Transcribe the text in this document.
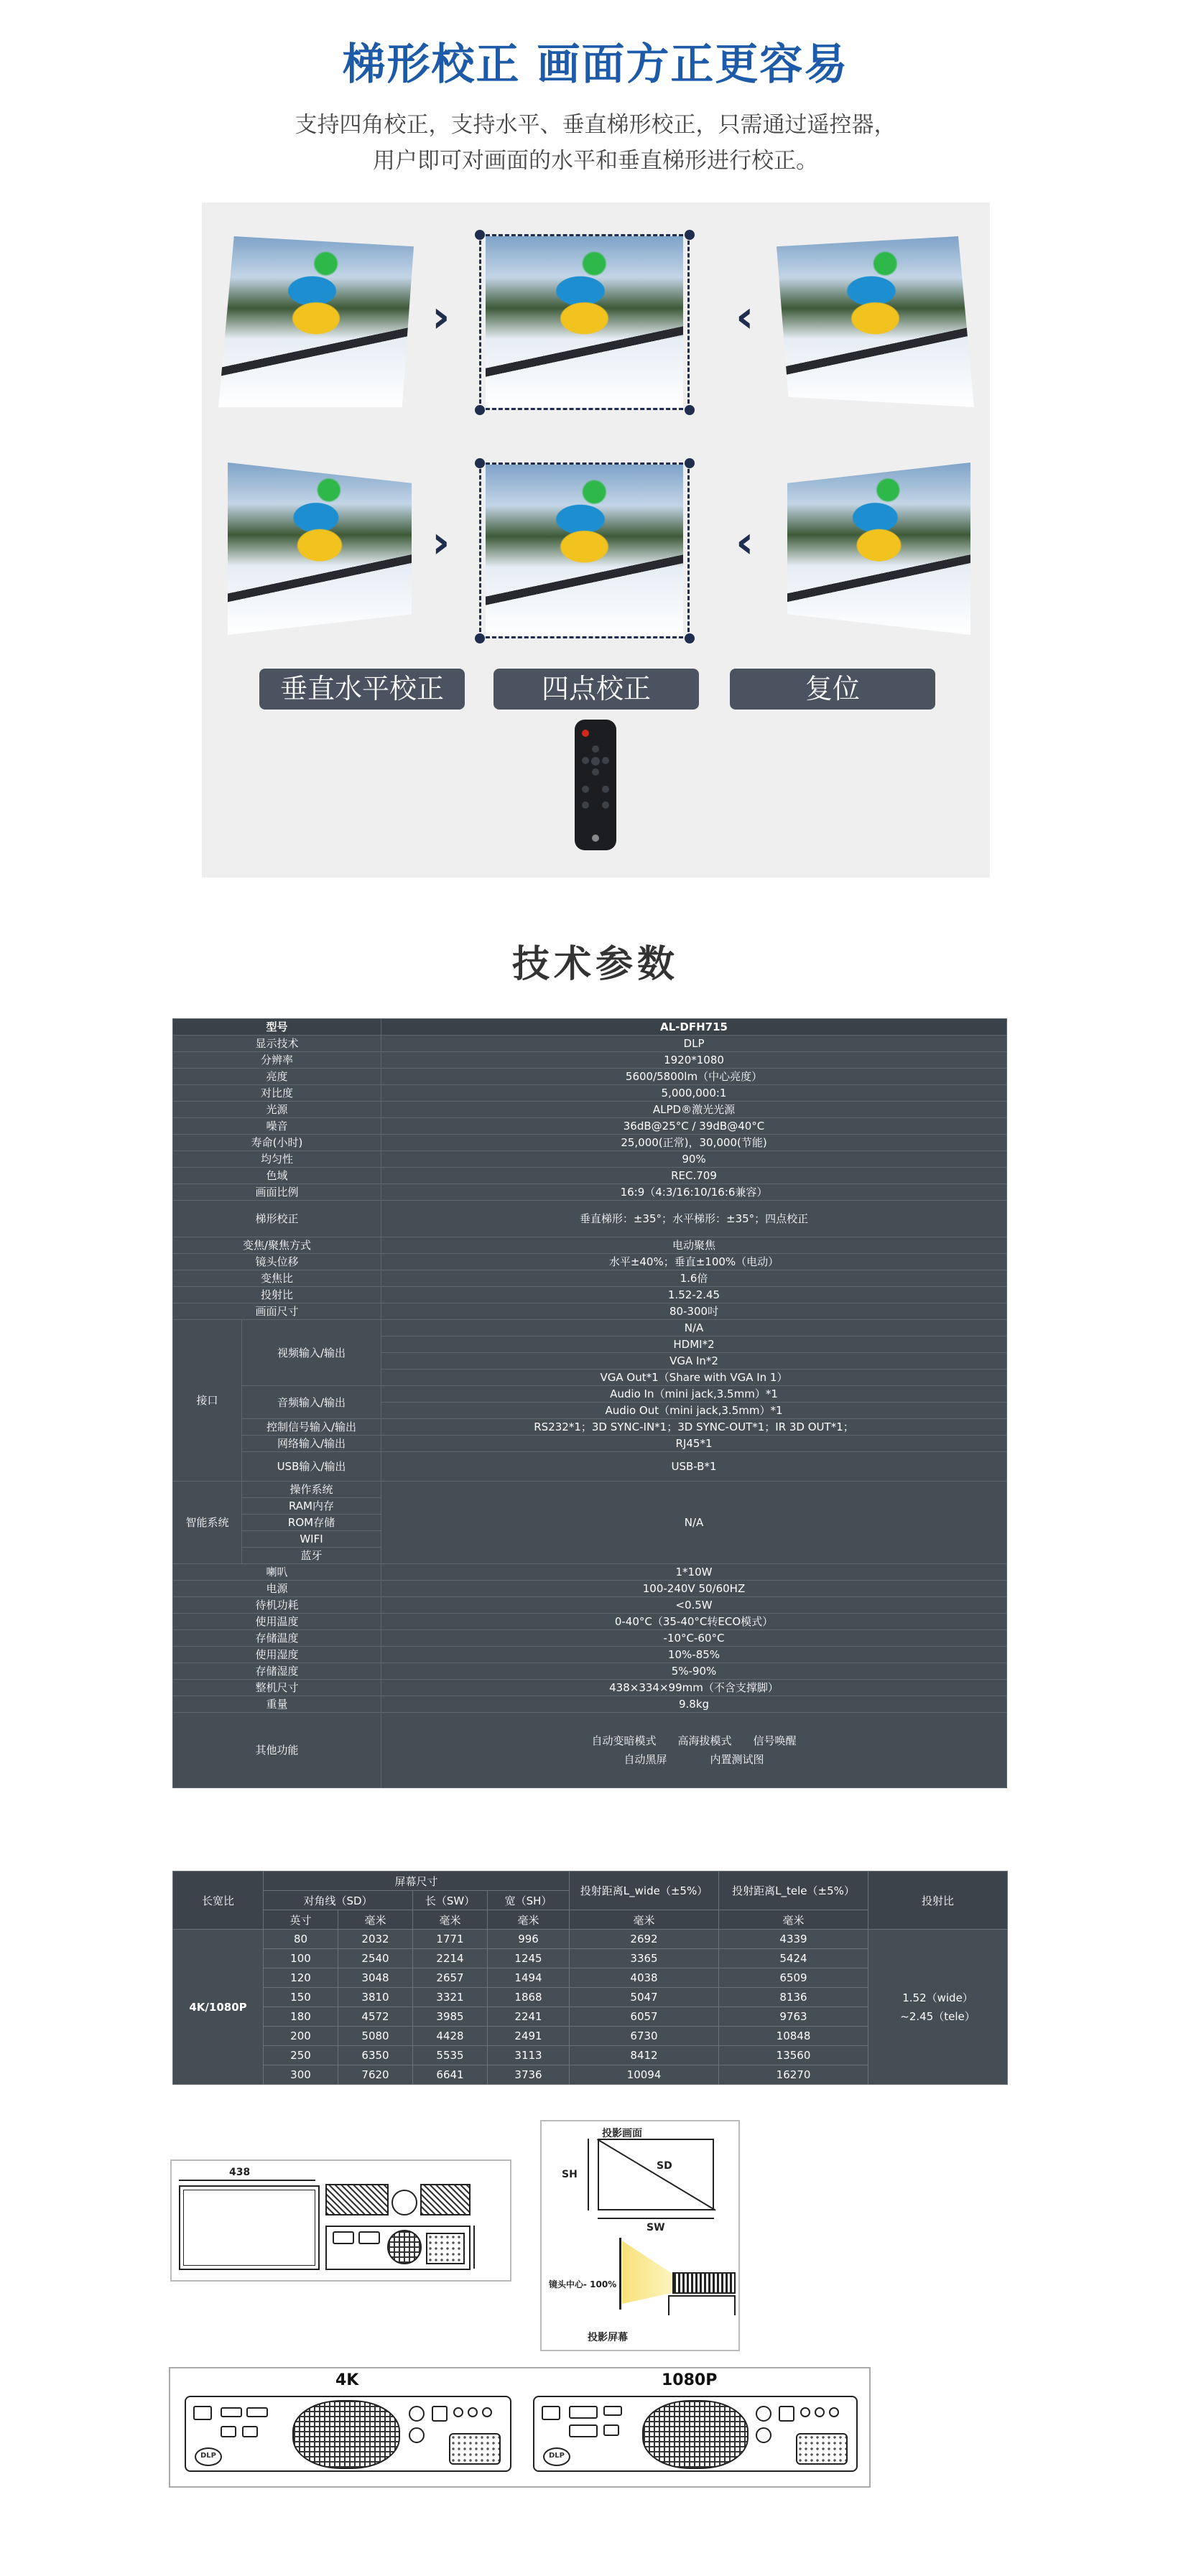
梯形校正 画面方正更容易
支持四角校正，支持水平、垂直梯形校正，只需通过遥控器，
用户即可对画面的水平和垂直梯形进行校正。
›	‹
›	‹
垂直水平校正	四点校正	复位
技术参数
型号		AL-DFH715
显示技术		DLP
分辨率		1920*1080
亮度		5600/5800lm（中心亮度）
对比度		5,000,000:1
光源		ALPD®激光光源
噪音		36dB@25°C / 39dB@40°C
寿命(小时)		25,000(正常)，30,000(节能)
均匀性		90%
色域		REC.709
画面比例		16:9（4:3/16:10/16:6兼容）
梯形校正		垂直梯形：±35°；水平梯形：±35°；四点校正
变焦/聚焦方式		电动聚焦
镜头位移		水平±40%；垂直±100%（电动）
变焦比		1.6倍
投射比		1.52-2.45
画面尺寸		80-300吋
接口	视频输入/输出	N/A
		HDMI*2
		VGA In*2
		VGA Out*1（Share with VGA In 1）
	音频输入/输出	Audio In（mini jack,3.5mm）*1
		Audio Out（mini jack,3.5mm）*1
	控制信号输入/输出	RS232*1；3D SYNC-IN*1；3D SYNC-OUT*1；IR 3D OUT*1；
	网络输入/输出	RJ45*1
	USB输入/输出	USB-B*1

智能系统	操作系统	N/A
	RAM内存	
	ROM存储	
	WIFI	
	蓝牙	
喇叭		1*10W
电源		100-240V 50/60HZ
待机功耗		<0.5W
使用温度		0-40°C（35-40°C转ECO模式）
存储温度		-10°C-60°C
使用湿度		10%-85%
存储湿度		5%-90%
整机尺寸		438×334×99mm（不含支撑脚）
重量		9.8kg
其他功能		自动变暗模式　　高海拔模式　　信号唤醒
自动黑屏　　　　内置测试图
长宽比	屏幕尺寸				投射距离L_wide（±5%）	投射距离L_tele（±5%）	投射比
	对角线（SD）		长（SW）	宽（SH）			
	英寸	毫米	毫米	毫米	毫米	毫米	
4K/1080P	80	2032	1771	996	2692	4339	1.52（wide）
~2.45（tele）

	100	2540	2214	1245	3365	5424	
	120	3048	2657	1494	4038	6509	
	150	3810	3321	1868	5047	8136	
	180	4572	3985	2241	6057	9763	
	200	5080	4428	2491	6730	10848	
	250	6350	5535	3113	8412	13560	
	300	7620	6641	3736	10094	16270	
438
投影画面
SD
SH
SW
镜头中心- 100%
投影屏幕
4K	1080P
DLP	DLP
